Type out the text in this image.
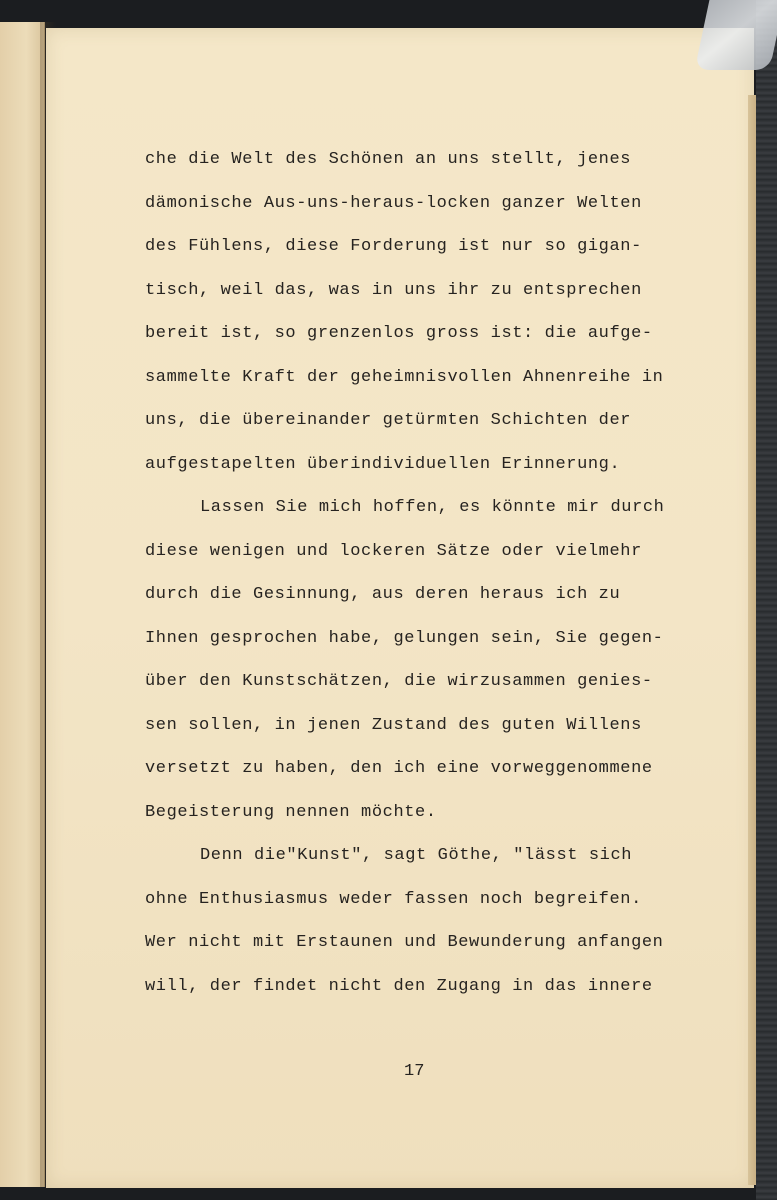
che die Welt des Schönen an uns stellt, jenes
dämonische Aus-uns-heraus-locken ganzer Welten
des Fühlens, diese Forderung ist nur so gigan-
tisch, weil das, was in uns ihr zu entsprechen
bereit ist, so grenzenlos gross ist: die aufge-
sammelte Kraft der geheimnisvollen Ahnenreihe in
uns, die übereinander getürmten Schichten der
aufgestapelten überindividuellen Erinnerung.
Lassen Sie mich hoffen, es könnte mir durch
diese wenigen und lockeren Sätze oder vielmehr
durch die Gesinnung, aus deren heraus ich zu
Ihnen gesprochen habe, gelungen sein, Sie gegen-
über den Kunstschätzen, die wirzusammen genies-
sen sollen, in jenen Zustand des guten Willens
versetzt zu haben, den ich eine vorweggenommene
Begeisterung nennen möchte.
Denn die"Kunst", sagt Göthe, "lässt sich
ohne Enthusiasmus weder fassen noch begreifen.
Wer nicht mit Erstaunen und Bewunderung anfangen
will, der findet nicht den Zugang in das innere
17
